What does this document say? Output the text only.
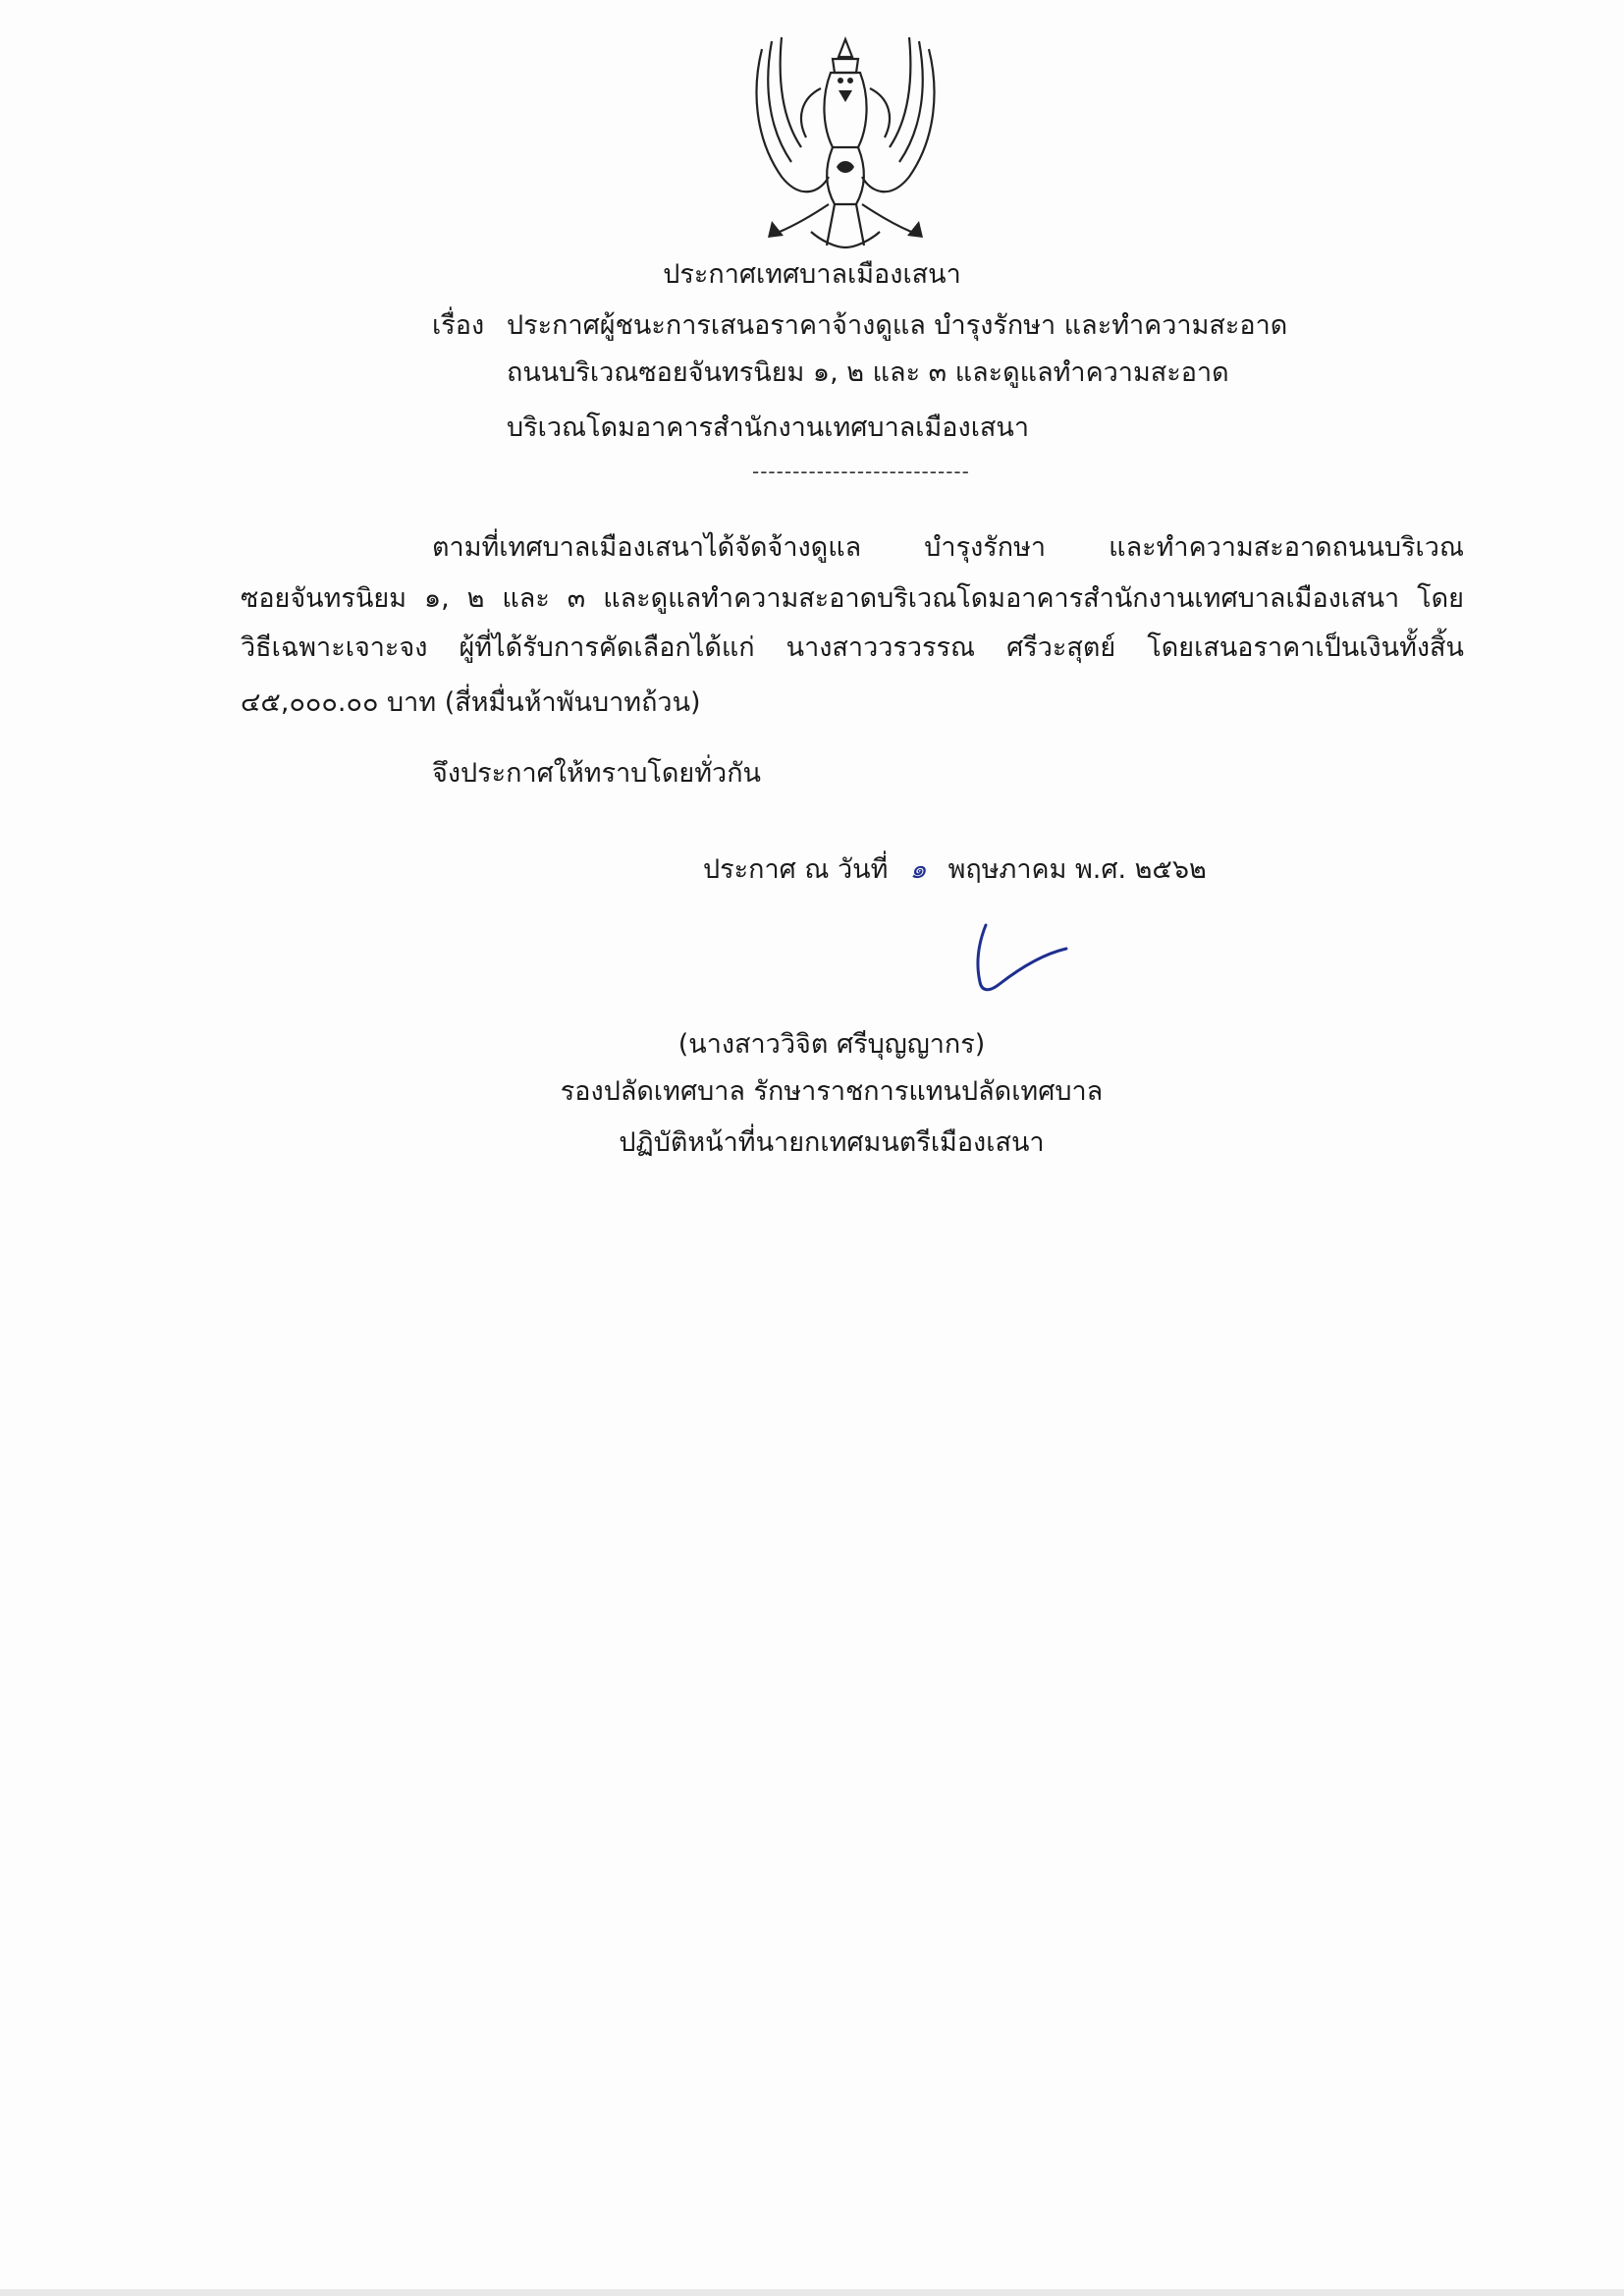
ประกาศเทศบาลเมืองเสนา
เรื่อง ประกาศผู้ชนะการเสนอราคาจ้างดูแล บำรุงรักษา และทำความสะอาด
ถนนบริเวณซอยจันทรนิยม ๑, ๒ และ ๓ และดูแลทำความสะอาด
บริเวณโดมอาคารสำนักงานเทศบาลเมืองเสนา
---------------------------
ตามที่เทศบาลเมืองเสนาได้จัดจ้างดูแล บำรุงรักษา และทำความสะอาดถนนบริเวณ
ซอยจันทรนิยม ๑, ๒ และ ๓ และดูแลทำความสะอาดบริเวณโดมอาคารสำนักงานเทศบาลเมืองเสนา โดย
วิธีเฉพาะเจาะจง ผู้ที่ได้รับการคัดเลือกได้แก่ นางสาววรวรรณ ศรีวะสุตย์ โดยเสนอราคาเป็นเงินทั้งสิ้น
๔๕,๐๐๐.๐๐ บาท (สี่หมื่นห้าพันบาทถ้วน)
จึงประกาศให้ทราบโดยทั่วกัน
ประกาศ ณ วันที่ ๑ พฤษภาคม พ.ศ. ๒๕๖๒
(นางสาววิจิต ศรีบุญญากร)
รองปลัดเทศบาล รักษาราชการแทนปลัดเทศบาล
ปฏิบัติหน้าที่นายกเทศมนตรีเมืองเสนา
